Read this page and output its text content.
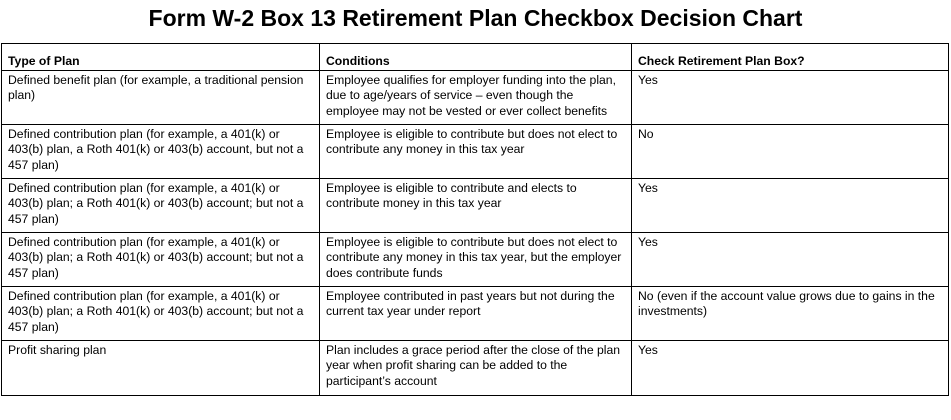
Form W-2 Box 13 Retirement Plan Checkbox Decision Chart
Type of Plan	Conditions	Check Retirement Plan Box?
Defined benefit plan (for example, a traditional pension plan)	Employee qualifies for employer funding into the plan, due to age/years of service – even though the employee may not be vested or ever collect benefits	Yes
Defined contribution plan (for example, a 401(k) or 403(b) plan, a Roth 401(k) or 403(b) account, but not a 457 plan)	Employee is eligible to contribute but does not elect to contribute any money in this tax year	No
Defined contribution plan (for example, a 401(k) or 403(b) plan; a Roth 401(k) or 403(b) account; but not a 457 plan)	Employee is eligible to contribute and elects to contribute money in this tax year	Yes
Defined contribution plan (for example, a 401(k) or 403(b) plan; a Roth 401(k) or 403(b) account; but not a 457 plan)	Employee is eligible to contribute but does not elect to contribute any money in this tax year, but the employer does contribute funds	Yes
Defined contribution plan (for example, a 401(k) or 403(b) plan; a Roth 401(k) or 403(b) account; but not a 457 plan)	Employee contributed in past years but not during the current tax year under report	No (even if the account value grows due to gains in the investments)
Profit sharing plan	Plan includes a grace period after the close of the plan year when profit sharing can be added to the participant’s account	Yes
